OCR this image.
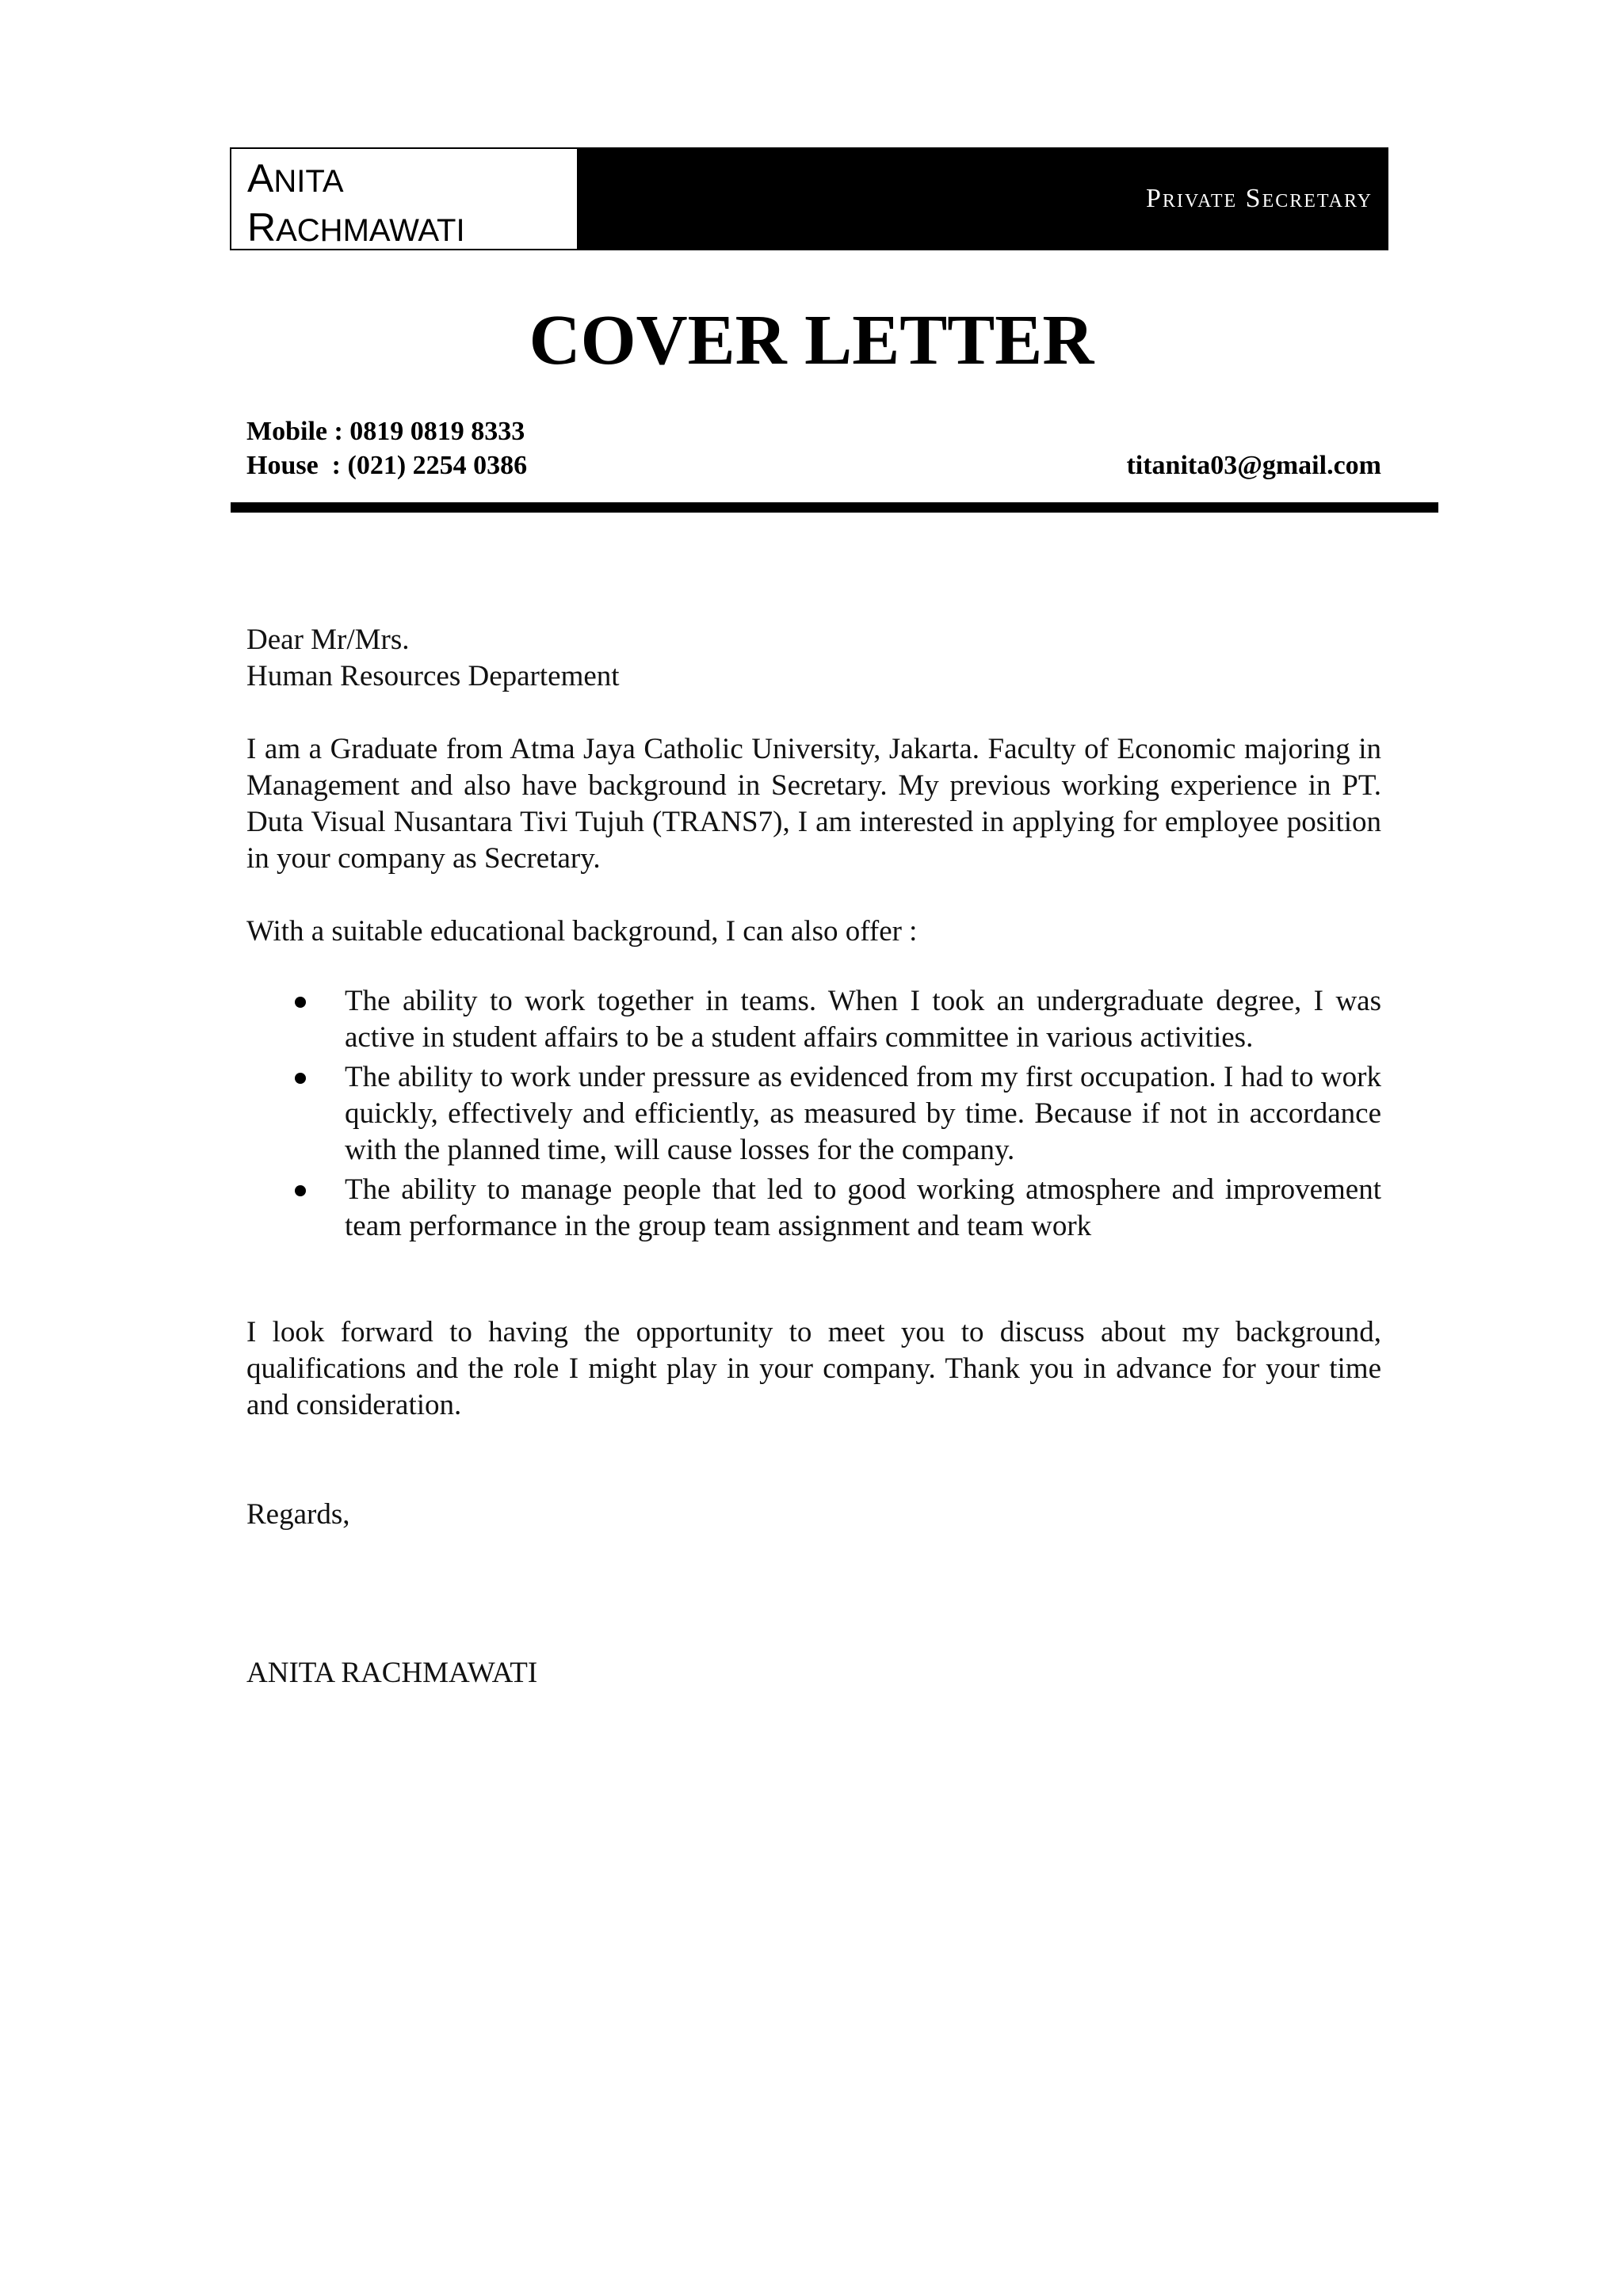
ANITA
RACHMAWATI
Private Secretary
COVER LETTER
Mobile : 0819 0819 8333
House  : (021) 2254 0386	titanita03@gmail.com

Dear Mr/Mrs.

Human Resources Departement

I am a Graduate from Atma Jaya Catholic University, Jakarta. Faculty of Economic majoring in Management and also have background in Secretary. My previous working experience in PT. Duta Visual Nusantara Tivi Tujuh (TRANS7), I am interested in applying for employee position in your company as Secretary.

With a suitable educational background, I can also offer :

The ability to work together in teams. When I took an undergraduate degree, I was active in student affairs to be a student affairs committee in various activities.
The ability to work under pressure as evidenced from my first occupation. I had to work quickly, effectively and efficiently, as measured by time. Because if not in accordance with the planned time, will cause losses for the company.
The ability to manage people that led to good working atmosphere and improvement team performance in the group team assignment and team work

I look forward to having the opportunity to meet you to discuss about my background, qualifications and the role I might play in your company. Thank you in advance for your time and consideration.

Regards,

ANITA RACHMAWATI
